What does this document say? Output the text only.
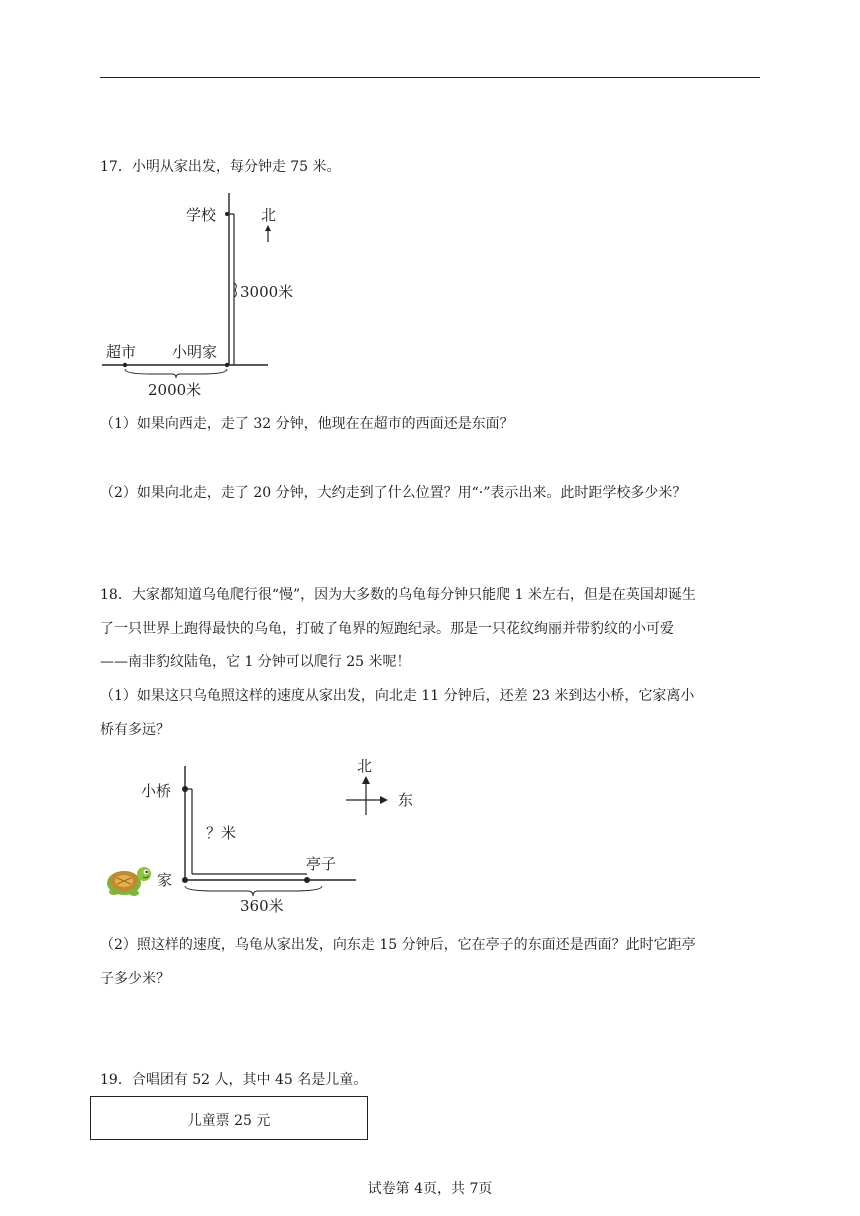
17．小明从家出发，每分钟走 75 米。
学校	北
3000米
超市 小明家
2000米
（1）如果向西走，走了 32 分钟，他现在在超市的西面还是东面？
（2）如果向北走，走了 20 分钟，大约走到了什么位置？用“·”表示出来。此时距学校多少米？
18．大家都知道乌龟爬行很“慢”，因为大多数的乌龟每分钟只能爬 1 米左右，但是在英国却诞生
了一只世界上跑得最快的乌龟，打破了龟界的短跑纪录。那是一只花纹绚丽并带豹纹的小可爱
——南非豹纹陆龟，它 1 分钟可以爬行 25 米呢！
（1）如果这只乌龟照这样的速度从家出发，向北走 11 分钟后，还差 23 米到达小桥，它家离小
桥有多远？
小桥
？米
家
亭子
360米
北
东
（2）照这样的速度，乌龟从家出发，向东走 15 分钟后，它在亭子的东面还是西面？此时它距亭
子多少米？
19．合唱团有 52 人，其中 45 名是儿童。
儿童票 25 元
试卷第 4页，共 7页
